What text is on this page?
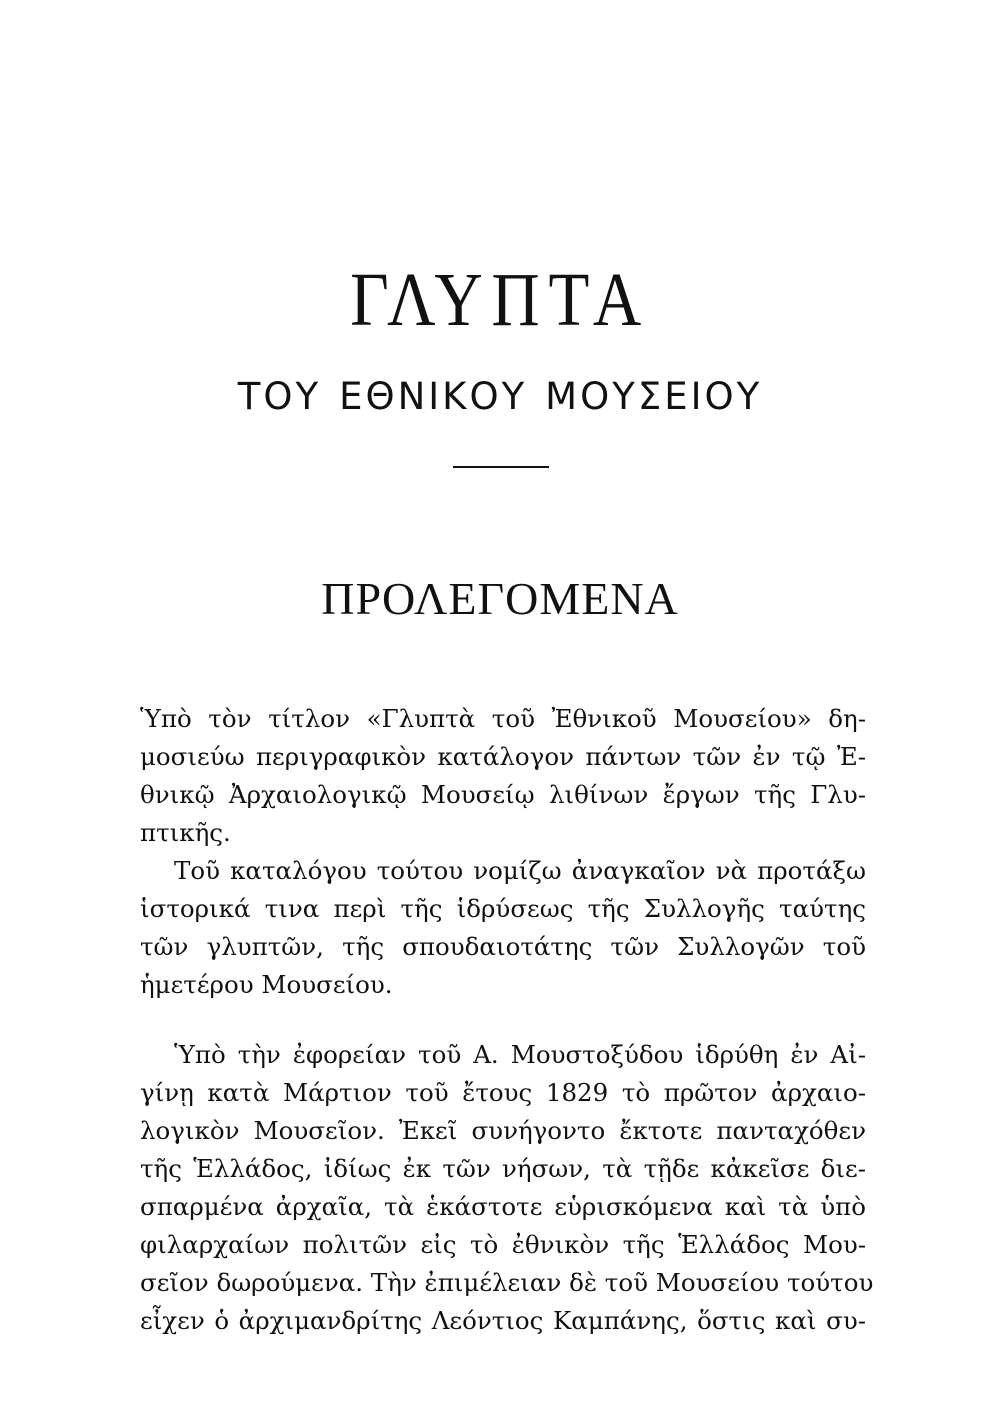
ΓΛΥΠΤΑ
ΤΟΥ ΕΘΝΙΚΟΥ ΜΟΥΣΕΙΟΥ
ΠΡΟΛΕΓΟΜΕΝΑ
Ὑπὸ τὸν τίτλον «Γλυπτὰ τοῦ Ἐθνικοῦ Μουσείου» δη-
μοσιεύω περιγραφικὸν κατάλογον πάντων τῶν ἐν τῷ Ἐ-
θνικῷ Ἀρχαιολογικῷ Μουσείῳ λιθίνων ἔργων τῆς Γλυ-
πτικῆς.
Τοῦ καταλόγου τούτου νομίζω ἀναγκαῖον νὰ προτάξω
ἱστορικά τινα περὶ τῆς ἱδρύσεως τῆς Συλλογῆς ταύτης
τῶν γλυπτῶν, τῆς σπουδαιοτάτης τῶν Συλλογῶν τοῦ
ἡμετέρου Μουσείου.
Ὑπὸ τὴν ἐφορείαν τοῦ Α. Μουστοξύδου ἱδρύθη ἐν Αἰ-
γίνῃ κατὰ Μάρτιον τοῦ ἔτους 1829 τὸ πρῶτον ἀρχαιο-
λογικὸν Μουσεῖον. Ἐκεῖ συνήγοντο ἔκτοτε πανταχόθεν
τῆς Ἑλλάδος, ἰδίως ἐκ τῶν νήσων, τὰ τῇδε κἀκεῖσε διε-
σπαρμένα ἀρχαῖα, τὰ ἑκάστοτε εὑρισκόμενα καὶ τὰ ὑπὸ
φιλαρχαίων πολιτῶν εἰς τὸ ἐθνικὸν τῆς Ἑλλάδος Μου-
σεῖον δωρούμενα. Τὴν ἐπιμέλειαν δὲ τοῦ Μουσείου τούτου
εἶχεν ὁ ἀρχιμανδρίτης Λεόντιος Καμπάνης, ὅστις καὶ συ-
